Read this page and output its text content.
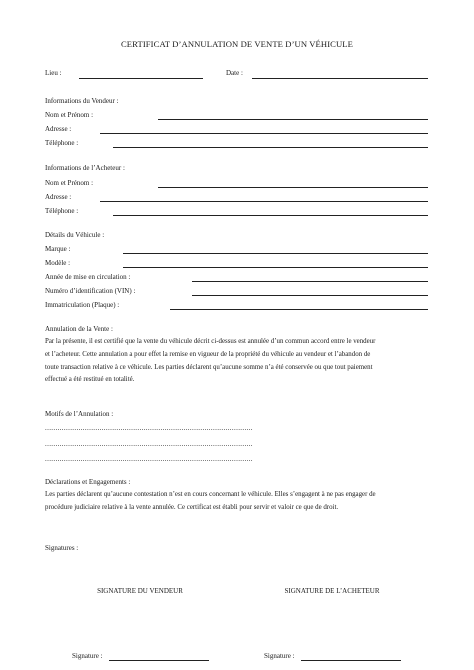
CERTIFICAT D’ANNULATION DE VENTE D’UN VÉHICULE
Lieu :	Date :
Informations du Vendeur :
Nom et Prénom :
Adresse :
Téléphone :
Informations de l’Acheteur :
Nom et Prénom :
Adresse :
Téléphone :
Détails du Véhicule :
Marque :
Modèle :
Année de mise en circulation :
Numéro d’identification (VIN) :
Immatriculation (Plaque) :
Annulation de la Vente :
Par la présente, il est certifié que la vente du véhicule décrit ci-dessus est annulée d’un commun accord entre le vendeur
et l’acheteur. Cette annulation a pour effet la remise en vigueur de la propriété du véhicule au vendeur et l’abandon de
toute transaction relative à ce véhicule. Les parties déclarent qu’aucune somme n’a été conservée ou que tout paiement
effectué a été restitué en totalité.
Motifs de l’Annulation :
...................................................................................................
...................................................................................................
...................................................................................................
Déclarations et Engagements :
Les parties déclarent qu’aucune contestation n’est en cours concernant le véhicule. Elles s’engagent à ne pas engager de
procédure judiciaire relative à la vente annulée. Ce certificat est établi pour servir et valoir ce que de droit.
Signatures :
SIGNATURE DU VENDEUR	SIGNATURE DE L’ACHETEUR
Signature :	Signature :
